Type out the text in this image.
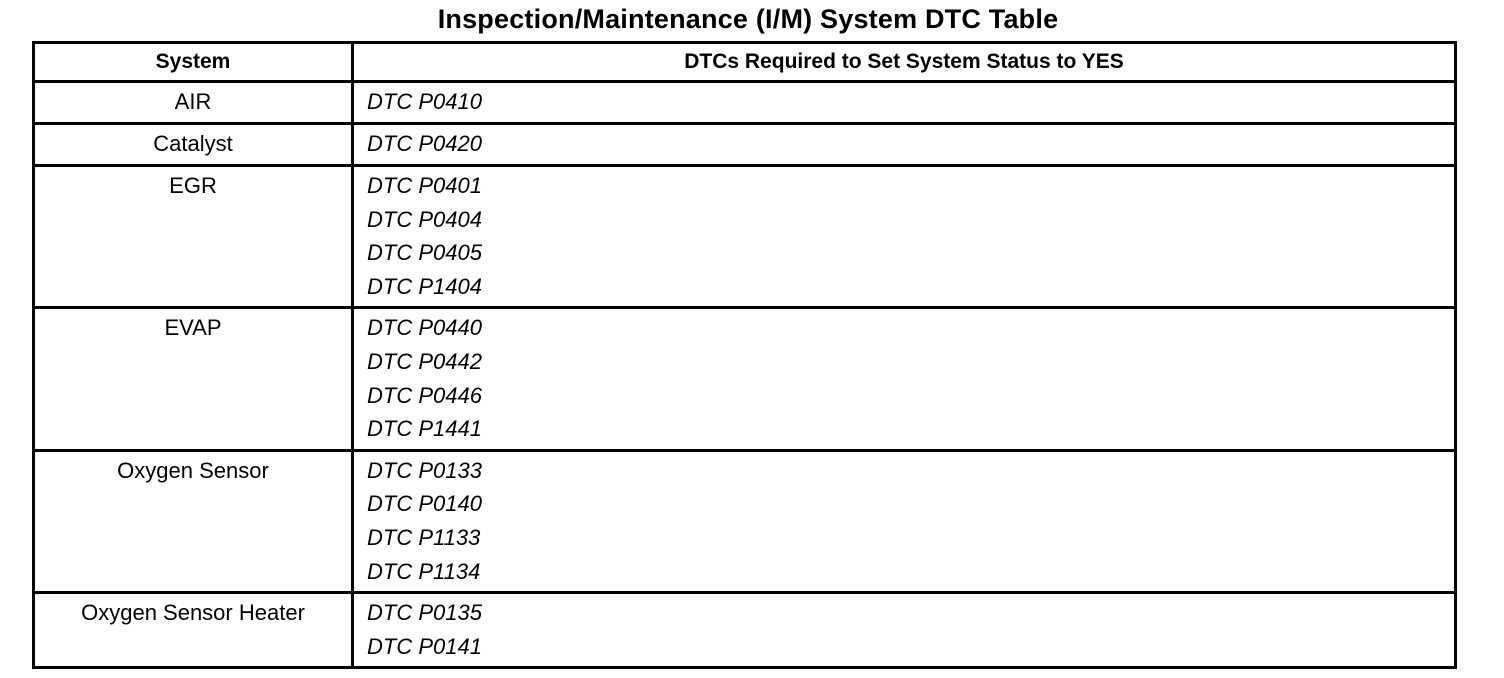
Inspection/Maintenance (I/M) System DTC Table
System	DTCs Required to Set System Status to YES
AIR	DTC P0410

Catalyst	DTC P0420

EGR	DTC P0401
DTC P0404
DTC P0405
DTC P1404

EVAP	DTC P0440
DTC P0442
DTC P0446
DTC P1441

Oxygen Sensor	DTC P0133
DTC P0140
DTC P1133
DTC P1134

Oxygen Sensor Heater	DTC P0135
DTC P0141
